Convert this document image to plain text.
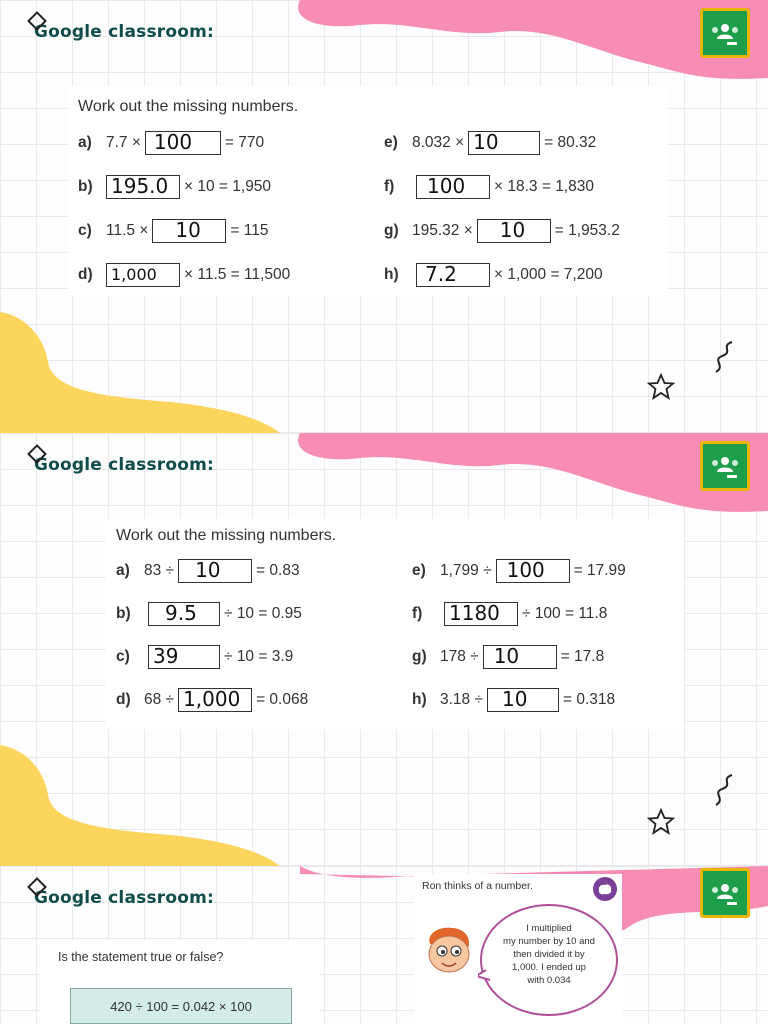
Google classroom:
Work out the missing numbers.
a) 7.7 × 100 = 770
b) 195.0 × 10 = 1,950
c) 11.5 × 10 = 115
d)	1,000 × 11.5 = 11,500
e) 8.032 × 10	= 80.32
f)	100 × 18.3 = 1,830
g) 195.32 × 10 = 1,953.2
h)	7.2 × 1,000 = 7,200
Google classroom:
Work out the missing numbers.
a) 83 ÷ 10 = 0.83
b)	9.5 ÷ 10 = 0.95
c)	39	÷ 10 = 3.9
d) 68 ÷ 1,000 = 0.068
e) 1,799 ÷ 100 = 17.99
f)	1180 ÷ 100 = 11.8
g) 178 ÷ 10	= 17.8
h) 3.18 ÷ 10 = 0.318
Google classroom:
Is the statement true or false?
420 ÷ 100 = 0.042 × 100
Ron thinks of a number.
I multiplied
my number by 10 and
then divided it by
1,000. I ended up
with 0.034
